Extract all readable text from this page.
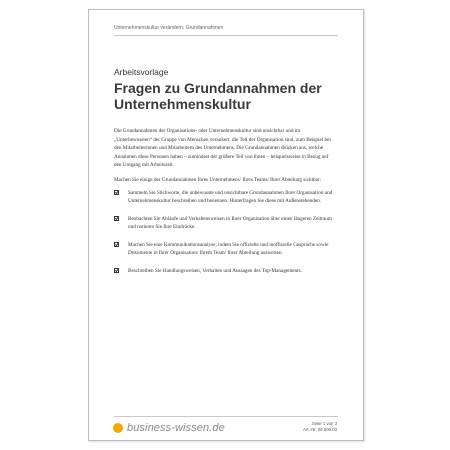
Unternehmenskultur verändern: Grundannahmen
Arbeitsvorlage
Fragen zu Grundannahmen der Unternehmenskultur

Die Grundannahmen der Organisations- oder Unternehmenskultur sind unsichtbar und im „Unterbewussten“ der Gruppe von Menschen verankert, die Teil der Organisation sind, zum Beispiel bei den Mitarbeiterinnen und Mitarbeitern des Unternehmens. Die Grundannahmen drücken aus, welche Annahmen diese Personen haben – zumindest der größere Teil von ihnen – beispielsweise in Bezug auf den Umgang mit Arbeitszeit.

Machen Sie einige der Grundannahmen Ihres Unternehmens/ Ihres Teams/ Ihrer Abteilung sichtbar:

Sammeln Sie Stichworte, die unbewusste und unsichtbare Grundannahmen Ihrer Organisation und Unternehmenskultur beschreiben und benennen. Hinterfragen Sie diese mit Außenstehenden.
Beobachten Sie Abläufe und Verhaltensweisen in Ihrer Organisation über einen längeren Zeitraum und notieren Sie Ihre Eindrücke.
Machen Sie eine Kommunikationsanalyse, indem Sie offizielle und inoffizielle Gespräche sowie Dokumente in Ihrer Organisation/ Ihrem Team/ Ihrer Abteilung auswerten.
Beschreiben Sie Handlungsweisen, Verhalten und Aussagen des Top-Managements.
business-wissen.de	Seite 1 von 3
Art.-Nr. 06.000.03
